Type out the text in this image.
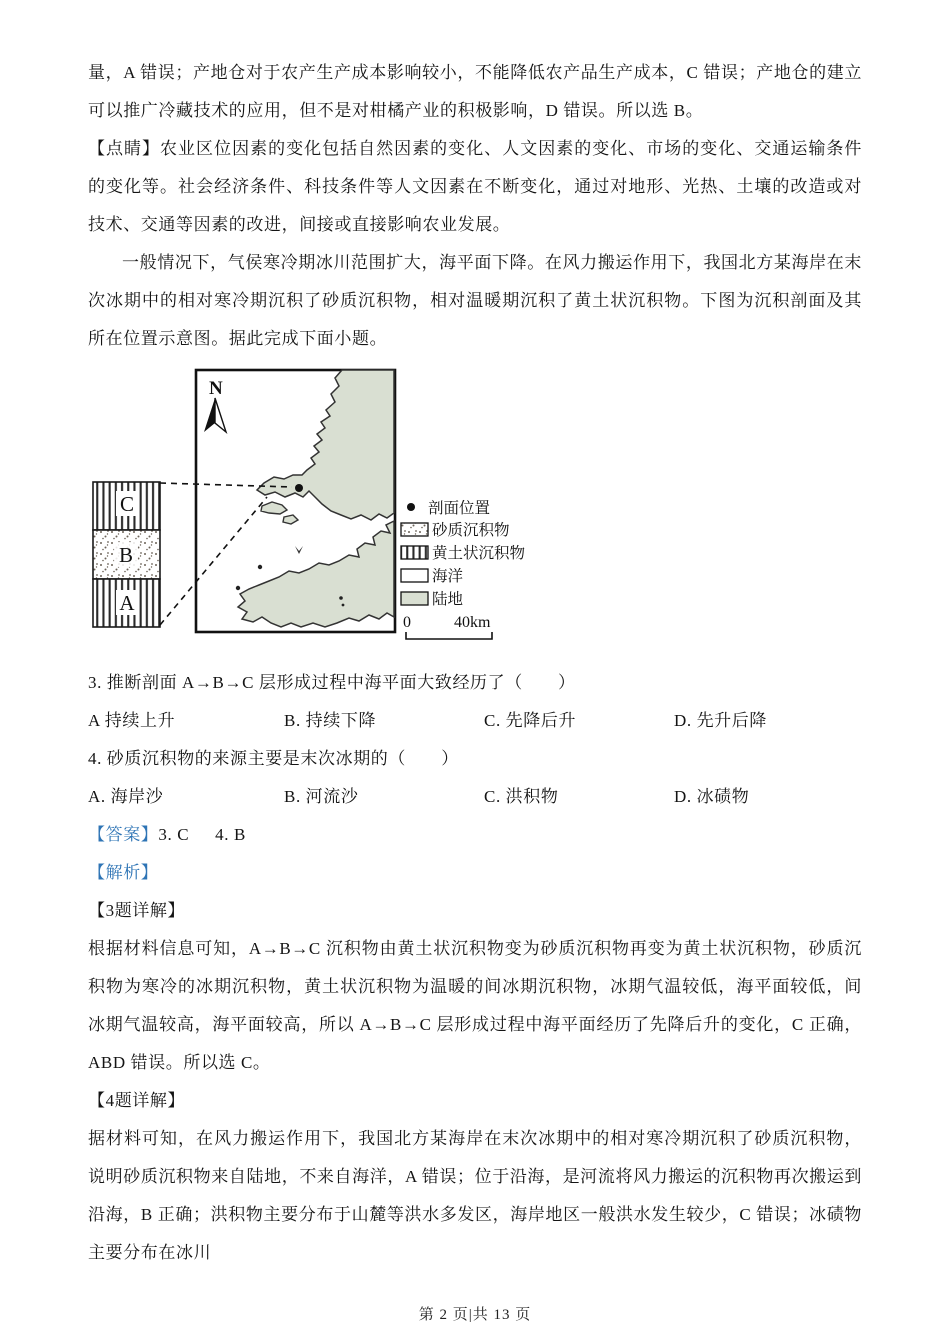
量，A 错误；产地仓对于农产生产成本影响较小，不能降低农产品生产成本，C 错误；产地仓的建立可以推广冷藏技术的应用，但不是对柑橘产业的积极影响，D 错误。所以选 B。

【点睛】农业区位因素的变化包括自然因素的变化、人文因素的变化、市场的变化、交通运输条件的变化等。社会经济条件、科技条件等人文因素在不断变化，通过对地形、光热、土壤的改造或对技术、交通等因素的改进，间接或直接影响农业发展。

一般情况下，气侯寒冷期冰川范围扩大，海平面下降。在风力搬运作用下，我国北方某海岸在末次冰期中的相对寒冷期沉积了砂质沉积物，相对温暖期沉积了黄土状沉积物。下图为沉积剖面及其所在位置示意图。据此完成下面小题。

C
B
A
N
剖面位置
砂质沉积物
黄土状沉积物
海洋
陆地
0	40km

3. 推断剖面 A→B→C 层形成过程中海平面大致经历了（　　）

A 持续上升	B. 持续下降	C. 先降后升	D. 先升后降

4. 砂质沉积物的来源主要是末次冰期的（　　）

A. 海岸沙	B. 河流沙	C. 洪积物	D. 冰碛物

【答案】3. C 4. B

【解析】

【3题详解】

根据材料信息可知，A→B→C 沉积物由黄土状沉积物变为砂质沉积物再变为黄土状沉积物，砂质沉积物为寒冷的冰期沉积物，黄土状沉积物为温暖的间冰期沉积物，冰期气温较低，海平面较低，间冰期气温较高，海平面较高，所以 A→B→C 层形成过程中海平面经历了先降后升的变化，C 正确，ABD 错误。所以选 C。

【4题详解】

据材料可知，在风力搬运作用下，我国北方某海岸在末次冰期中的相对寒冷期沉积了砂质沉积物，说明砂质沉积物来自陆地，不来自海洋，A 错误；位于沿海，是河流将风力搬运的沉积物再次搬运到沿海，B 正确；洪积物主要分布于山麓等洪水多发区，海岸地区一般洪水发生较少，C 错误；冰碛物主要分布在冰川

第 2 页|共 13 页
